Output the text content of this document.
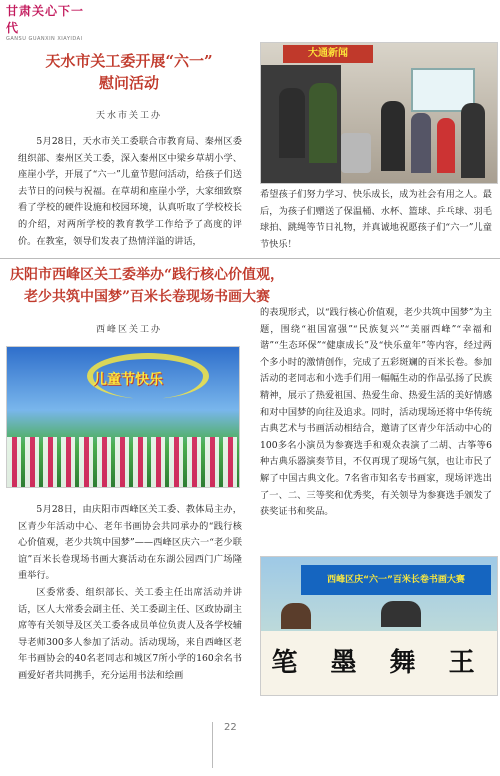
甘肃关心下一代
GANSU GUANXIN XIAYIDAI
天水市关工委开展“六一”
慰问活动
天水市关工办

5月28日，天水市关工委联合市教育局、秦州区委组织部、秦州区关工委，深入秦州区中梁乡草胡小学、座崖小学，开展了“六一”儿童节慰问活动，给孩子们送去节日的问候与祝福。在草胡和座崖小学，大家细致察看了学校的硬件设施和校园环境，认真听取了学校校长的介绍，对两所学校的教育教学工作给予了高度的评价。在教室，领导们发表了热情洋溢的讲话，

大通新闻
希望孩子们努力学习、快乐成长，成为社会有用之人。最后，为孩子们赠送了保温桶、水杯、篮球、乒乓球、羽毛球拍、跳绳等节日礼物，并真诚地祝愿孩子们“六一”儿童节快乐！
庆阳市西峰区关工委举办“践行核心价值观，
老少共筑中国梦”百米长卷现场书画大赛
西峰区关工办
儿童节快乐

5月28日，由庆阳市西峰区关工委、教体局主办，区青少年活动中心、老年书画协会共同承办的“践行核心价值观，老少共筑中国梦”——西峰区庆六一“老少联谊”百米长卷现场书画大赛活动在东湖公园西门广场隆重举行。

区委常委、组织部长、关工委主任出席活动并讲话，区人大常委会副主任、关工委副主任、区政协副主席等有关领导及区关工委各成员单位负责人及各学校辅导老师300多人参加了活动。活动现场，来自西峰区老年书画协会的40名老同志和城区7所小学的160余名书画爱好者共同携手，充分运用书法和绘画

的表现形式，以“践行核心价值观，老少共筑中国梦”为主题，围绕“祖国富强”“民族复兴”“美丽西峰”“幸福和谐”“生态环保”“健康成长”及“快乐童年”等内容，经过两个多小时的激情创作，完成了五彩斑斓的百米长卷。参加活动的老同志和小选手们用一幅幅生动的作品弘扬了民族精神，展示了热爱祖国、热爱生命、热爱生活的美好情感和对中国梦的向往及追求。同时，活动现场还将中华传统古典艺术与书画活动相结合，邀请了区青少年活动中心的100多名小演员为参赛选手和观众表演了二胡、古筝等6种古典乐器演奏节目，不仅再现了现场气氛，也让市民了解了中国古典文化。7名省市知名专书画家，现场评选出了一、二、三等奖和优秀奖，有关领导为参赛选手颁发了获奖证书和奖品。
西峰区庆“六一”百米长卷书画大赛
笔 墨 舞 王
22
